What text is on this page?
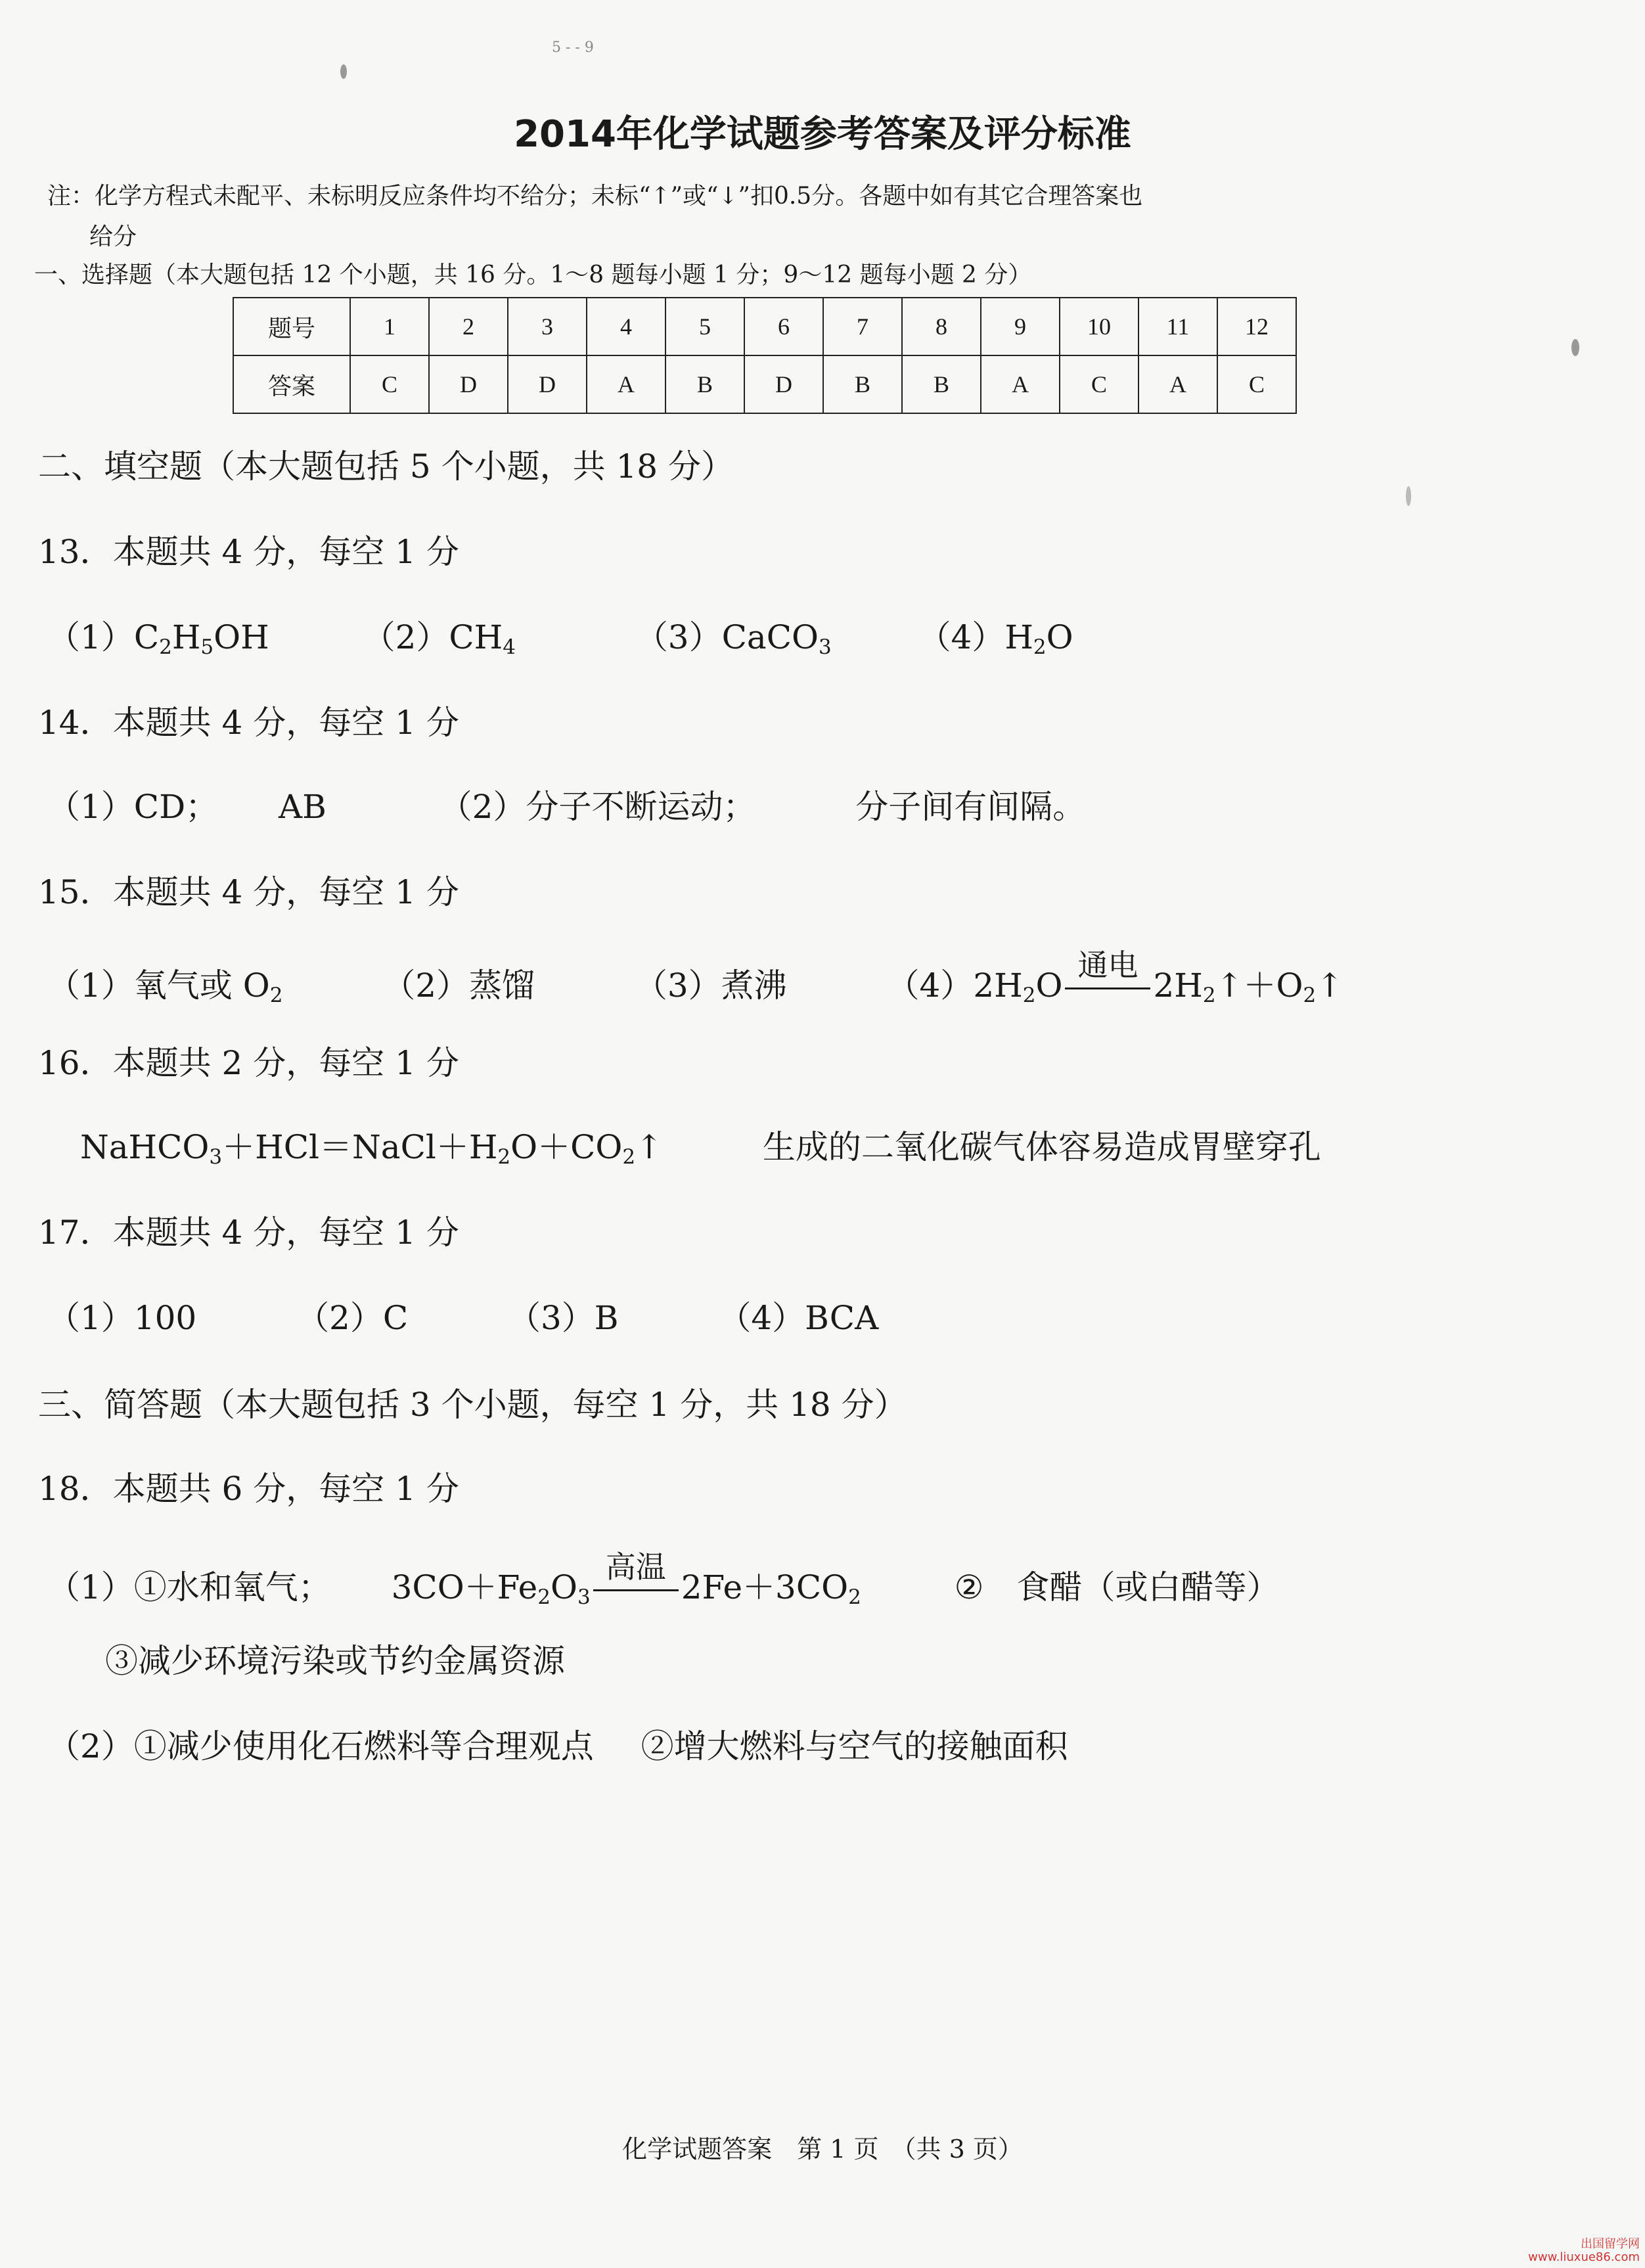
5 - - 9
2014年化学试题参考答案及评分标准
注：化学方程式未配平、未标明反应条件均不给分；未标“↑”或“↓”扣0.5分。各题中如有其它合理答案也
给分
一、选择题（本大题包括 12 个小题，共 16 分。1～8 题每小题 1 分；9～12 题每小题 2 分）
题号	1	2	3	4	5	6	7	8	9	10	11	12
答案	C	D	D	A	B	D	B	B	A	C	A	C
二、填空题（本大题包括 5 个小题，共 18 分）
13．本题共 4 分，每空 1 分
$(1)C_2H_5OH$	$(2)CH_4$	（3）CaCO$_3$	$(4)H_2O$
14．本题共 4 分，每空 1 分
（1）CD； AB	（2）分子不断运动；	分子间有间隔。
15．本题共 4 分，每空 1 分
（1）氧气或 $O_2$	（2）蒸馏	（3）煮沸	$(4)2H_2O$
通电
$2H_2↑+O_2↑$
16．本题共 2 分，每空 1 分
$NaHCO_3+HCl=NaCl+H_2O+CO_2↑$	生成的二氧化碳气体容易造成胃壁穿孔
17．本题共 4 分，每空 1 分
（1）100	（2）C	（3）B	（4）BCA
三、简答题（本大题包括 3 个小题，每空 1 分，共 18 分）
18．本题共 6 分，每空 1 分
（1）①水和氧气； $3CO+Fe_2O_3$
高温
$2Fe+3CO_2$	②　食醋（或白醋等）
③减少环境污染或节约金属资源
（2）①减少使用化石燃料等合理观点 ②增大燃料与空气的接触面积
化学试题答案　第 1 页　（共 3 页）
出国留学网
www.liuxue86.com
